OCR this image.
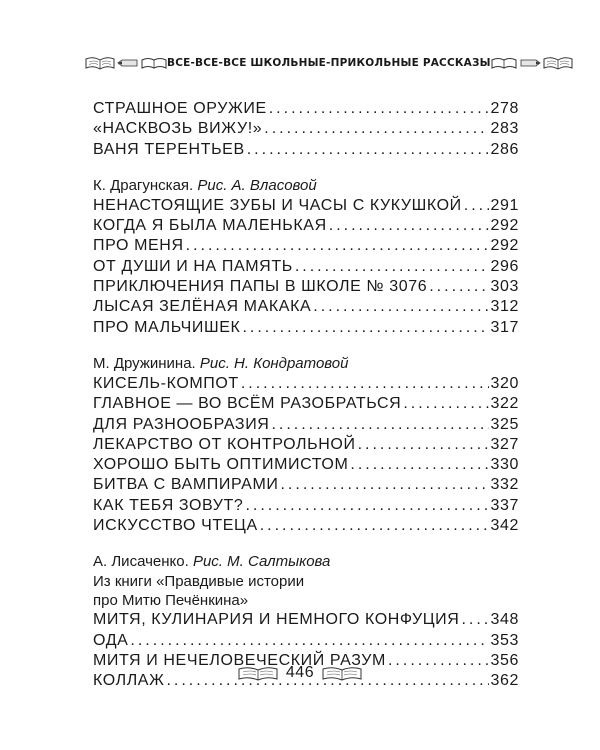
ВСЕ-ВСЕ-ВСЕ ШКОЛЬНЫЕ-ПРИКОЛЬНЫЕ РАССКАЗЫ
СТРАШНОЕ ОРУЖИЕ .....	278
«НАСКВОЗЬ ВИЖУ!» .....	283
ВАНЯ ТЕРЕНТЬЕВ .....	286
К. Драгунская. Рис. А. Власовой
НЕНАСТОЯЩИЕ ЗУБЫ И ЧАСЫ С КУКУШКОЙ ..... 291
КОГДА Я БЫЛА МАЛЕНЬКАЯ .....	292
ПРО МЕНЯ .....	292
ОТ ДУШИ И НА ПАМЯТЬ .....	296
ПРИКЛЮЧЕНИЯ ПАПЫ В ШКОЛЕ № 3076 .....	303
ЛЫСАЯ ЗЕЛЁНАЯ МАКАКА .....	312
ПРО МАЛЬЧИШЕК .....	317
М. Дружинина. Рис. Н. Кондратовой
КИСЕЛЬ-КОМПОТ .....	320
ГЛАВНОЕ — ВО ВСЁМ РАЗОБРАТЬСЯ .....	322
ДЛЯ РАЗНООБРАЗИЯ .....	325
ЛЕКАРСТВО ОТ КОНТРОЛЬНОЙ .....	327
ХОРОШО БЫТЬ ОПТИМИСТОМ .....	330
БИТВА С ВАМПИРАМИ .....	332
КАК ТЕБЯ ЗОВУТ? .....	337
ИСКУССТВО ЧТЕЦА .....	342
А. Лисаченко. Рис. М. Салтыкова
Из книги «Правдивые истории
про Митю Печёнкина»
МИТЯ, КУЛИНАРИЯ И НЕМНОГО КОНФУЦИЯ ..... 348
ОДА .....	353
МИТЯ И НЕЧЕЛОВЕЧЕСКИЙ РАЗУМ .....	356
КОЛЛАЖ .....	362
446
